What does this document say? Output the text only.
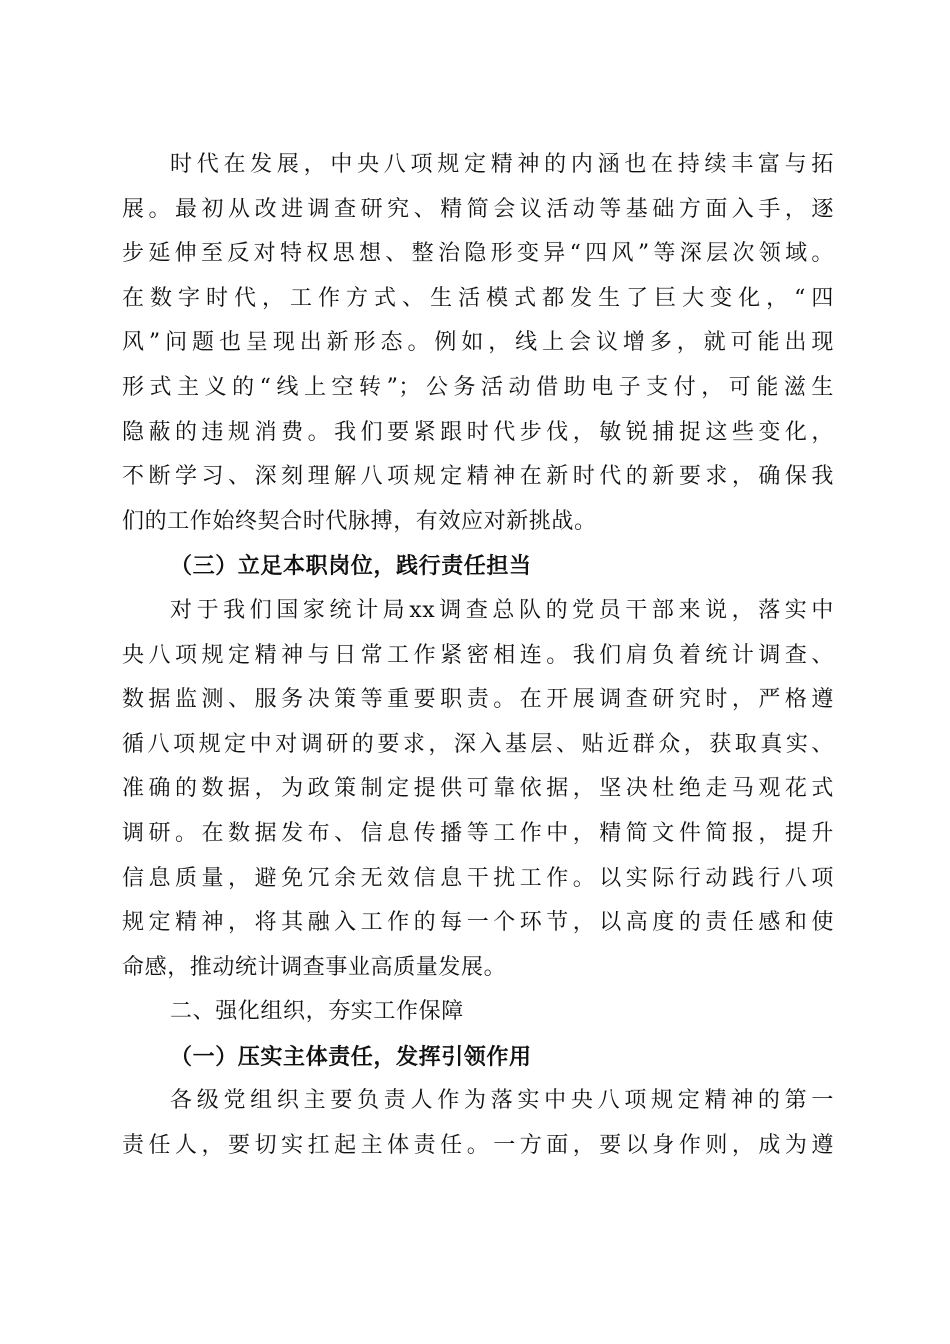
时代在发展，中央八项规定精神的内涵也在持续丰富与拓
展。最初从改进调查研究、精简会议活动等基础方面入手，逐
步延伸至反对特权思想、整治隐形变异“四风”等深层次领域。
在数字时代，工作方式、生活模式都发生了巨大变化，“四
风”问题也呈现出新形态。例如，线上会议增多，就可能出现
形式主义的“线上空转”；公务活动借助电子支付，可能滋生
隐蔽的违规消费。我们要紧跟时代步伐，敏锐捕捉这些变化，
不断学习、深刻理解八项规定精神在新时代的新要求，确保我
们的工作始终契合时代脉搏，有效应对新挑战。
（三）立足本职岗位，践行责任担当
对于我们国家统计局xx调查总队的党员干部来说，落实中
央八项规定精神与日常工作紧密相连。我们肩负着统计调查、
数据监测、服务决策等重要职责。在开展调查研究时，严格遵
循八项规定中对调研的要求，深入基层、贴近群众，获取真实、
准确的数据，为政策制定提供可靠依据，坚决杜绝走马观花式
调研。在数据发布、信息传播等工作中，精简文件简报，提升
信息质量，避免冗余无效信息干扰工作。以实际行动践行八项
规定精神，将其融入工作的每一个环节，以高度的责任感和使
命感，推动统计调查事业高质量发展。
二、强化组织，夯实工作保障
（一）压实主体责任，发挥引领作用
各级党组织主要负责人作为落实中央八项规定精神的第一
责任人，要切实扛起主体责任。一方面，要以身作则，成为遵
